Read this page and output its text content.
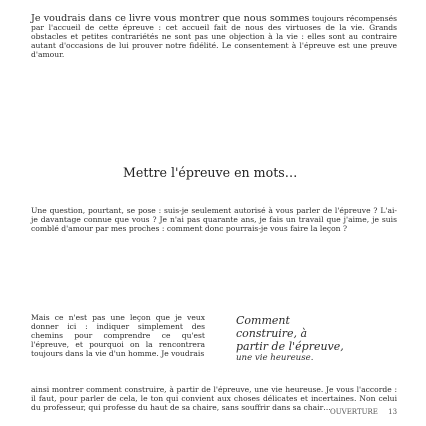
Je voudrais dans ce livre vous montrer que nous sommes toujours récompensés par l'accueil de cette épreuve : cet accueil fait de nous des virtuoses de la vie. Grands obstacles et petites contrariétés ne sont pas une objection à la vie : elles sont au contraire autant d'occasions de lui prouver notre fidélité. Le consentement à l'épreuve est une preuve d'amour.

Mettre l'épreuve en mots…

Une question, pourtant, se pose : suis-je seulement autorisé à vous parler de l'épreuve ? L'ai-je davantage connue que vous ? Je n'ai pas quarante ans, je fais un travail que j'aime, je suis comblé d'amour par mes proches : comment donc pourrais-je vous faire la leçon ?

Mais ce n'est pas une leçon que je veux donner ici : indiquer simplement des chemins pour comprendre ce qu'est l'épreuve, et pourquoi on la rencontrera toujours dans la vie d'un homme. Je voudrais

Comment
construire, à
partir de l'épreuve,
une vie heureuse.

ainsi montrer comment construire, à partir de l'épreuve, une vie heureuse. Je vous l'accorde : il faut, pour parler de cela, le ton qui convient aux choses délicates et incertaines. Non celui du professeur, qui professe du haut de sa chaire, sans souffrir dans sa chair… OUVERTURE 13
